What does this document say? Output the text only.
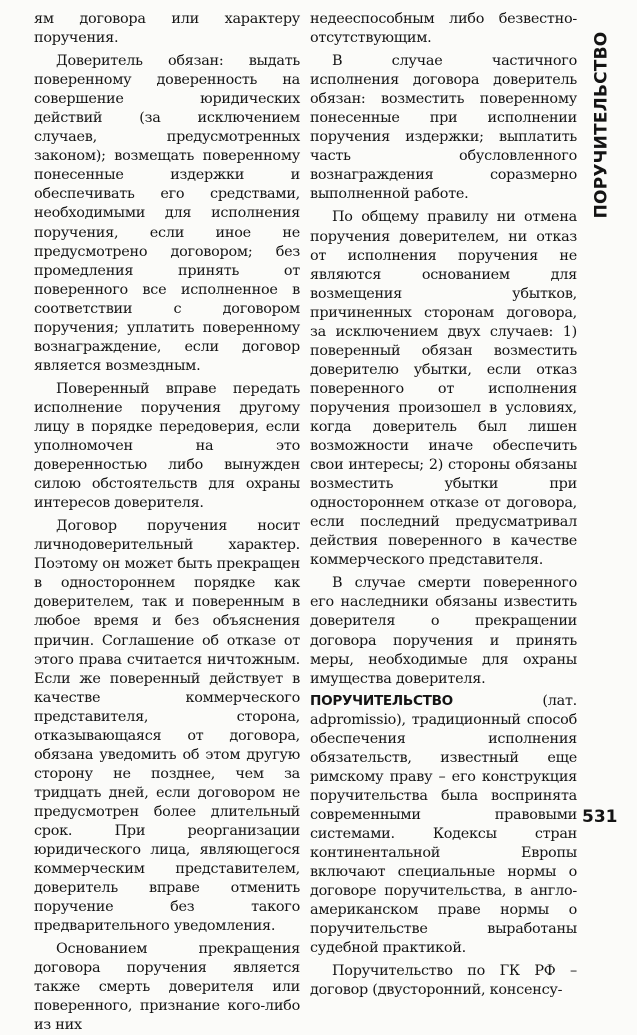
ям договора или характеру поручения.

Доверитель обязан: выдать поверенному доверенность на совершение юридических действий (за исключением случаев, предусмотренных законом); возмещать поверенному понесенные издержки и обеспечивать его средствами, необходимыми для исполнения поручения, если иное не предусмотрено договором; без промедления принять от поверенного все исполненное в соответствии с договором поручения; уплатить поверенному вознаграждение, если договор является возмездным.

Поверенный вправе передать исполнение поручения другому лицу в порядке передоверия, если уполномочен на это доверенностью либо вынужден силою обстоятельств для охраны интересов доверителя.

Договор поручения носит личнодоверительный характер. Поэтому он может быть прекращен в одностороннем порядке как доверителем, так и поверенным в любое время и без объяснения причин. Соглашение об отказе от этого права считается ничтожным. Если же поверенный действует в качестве коммерческого представителя, сторона, отказывающаяся от договора, обязана уведомить об этом другую сторону не позднее, чем за тридцать дней, если договором не предусмотрен более длительный срок. При реорганизации юридического лица, являющегося коммерческим представителем, доверитель вправе отменить поручение без такого предварительного уведомления.

Основанием прекращения договора поручения является также смерть доверителя или поверенного, признание кого-либо из них

недееспособным либо безвестно-отсутствующим.

В случае частичного исполнения договора доверитель обязан: возместить поверенному понесенные при исполнении поручения издержки; выплатить часть обусловленного вознаграждения соразмерно выполненной работе.

По общему правилу ни отмена поручения доверителем, ни отказ от исполнения поручения не являются основанием для возмещения убытков, причиненных сторонам договора, за исключением двух случаев: 1) поверенный обязан возместить доверителю убытки, если отказ поверенного от исполнения поручения произошел в условиях, когда доверитель был лишен возможности иначе обеспечить свои интересы; 2) стороны обязаны возместить убытки при одностороннем отказе от договора, если последний предусматривал действия поверенного в качестве коммерческого представителя.

В случае смерти поверенного его наследники обязаны известить доверителя о прекращении договора поручения и принять меры, необходимые для охраны имущества доверителя.

ПОРУЧИТЕЛЬСТВО (лат. adpromissio), традиционный способ обеспечения исполнения обязательств, известный еще римскому праву – его конструкция поручительства была воспринята современными правовыми системами. Кодексы стран континентальной Европы включают специальные нормы о договоре поручительства, в англо-американском праве нормы о поручительстве выработаны судебной практикой.

Поручительство по ГК РФ – договор (двусторонний, консенсу-

ПОРУЧИТЕЛЬСТВО
531
